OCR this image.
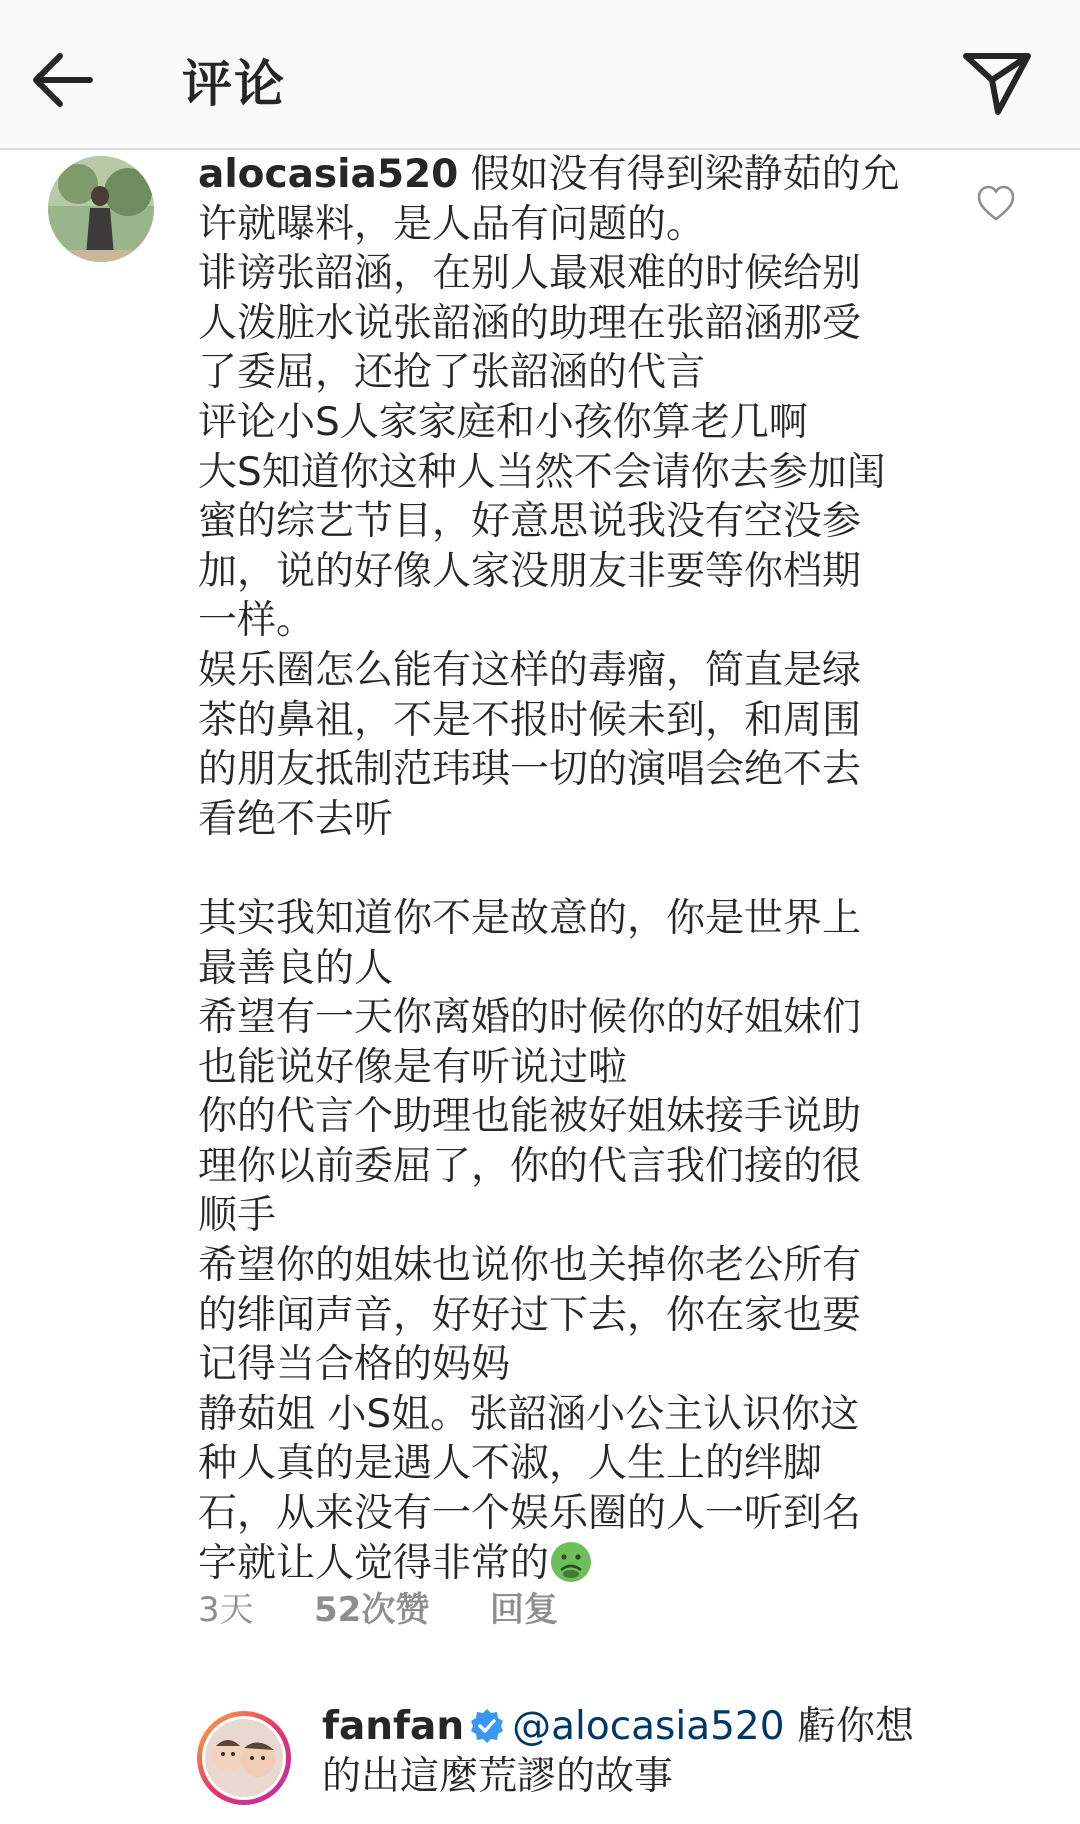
评论
alocasia520 假如没有得到梁静茹的允
许就曝料，是人品有问题的。
诽谤张韶涵，在别人最艰难的时候给别
人泼脏水说张韶涵的助理在张韶涵那受
了委屈，还抢了张韶涵的代言
评论小S人家家庭和小孩你算老几啊
大S知道你这种人当然不会请你去参加闺
蜜的综艺节目，好意思说我没有空没参
加，说的好像人家没朋友非要等你档期
一样。
娱乐圈怎么能有这样的毒瘤，简直是绿
茶的鼻祖，不是不报时候未到，和周围
的朋友抵制范玮琪一切的演唱会绝不去
看绝不去听

其实我知道你不是故意的，你是世界上
最善良的人
希望有一天你离婚的时候你的好姐妹们
也能说好像是有听说过啦
你的代言个助理也能被好姐妹接手说助
理你以前委屈了，你的代言我们接的很
顺手
希望你的姐妹也说你也关掉你老公所有
的绯闻声音，好好过下去，你在家也要
记得当合格的妈妈
静茹姐 小S姐。张韶涵小公主认识你这
种人真的是遇人不淑，人生上的绊脚
石，从来没有一个娱乐圈的人一听到名
字就让人觉得非常的
3天	52次赞	回复
fanfan @alocasia520 虧你想
的出這麼荒謬的故事
